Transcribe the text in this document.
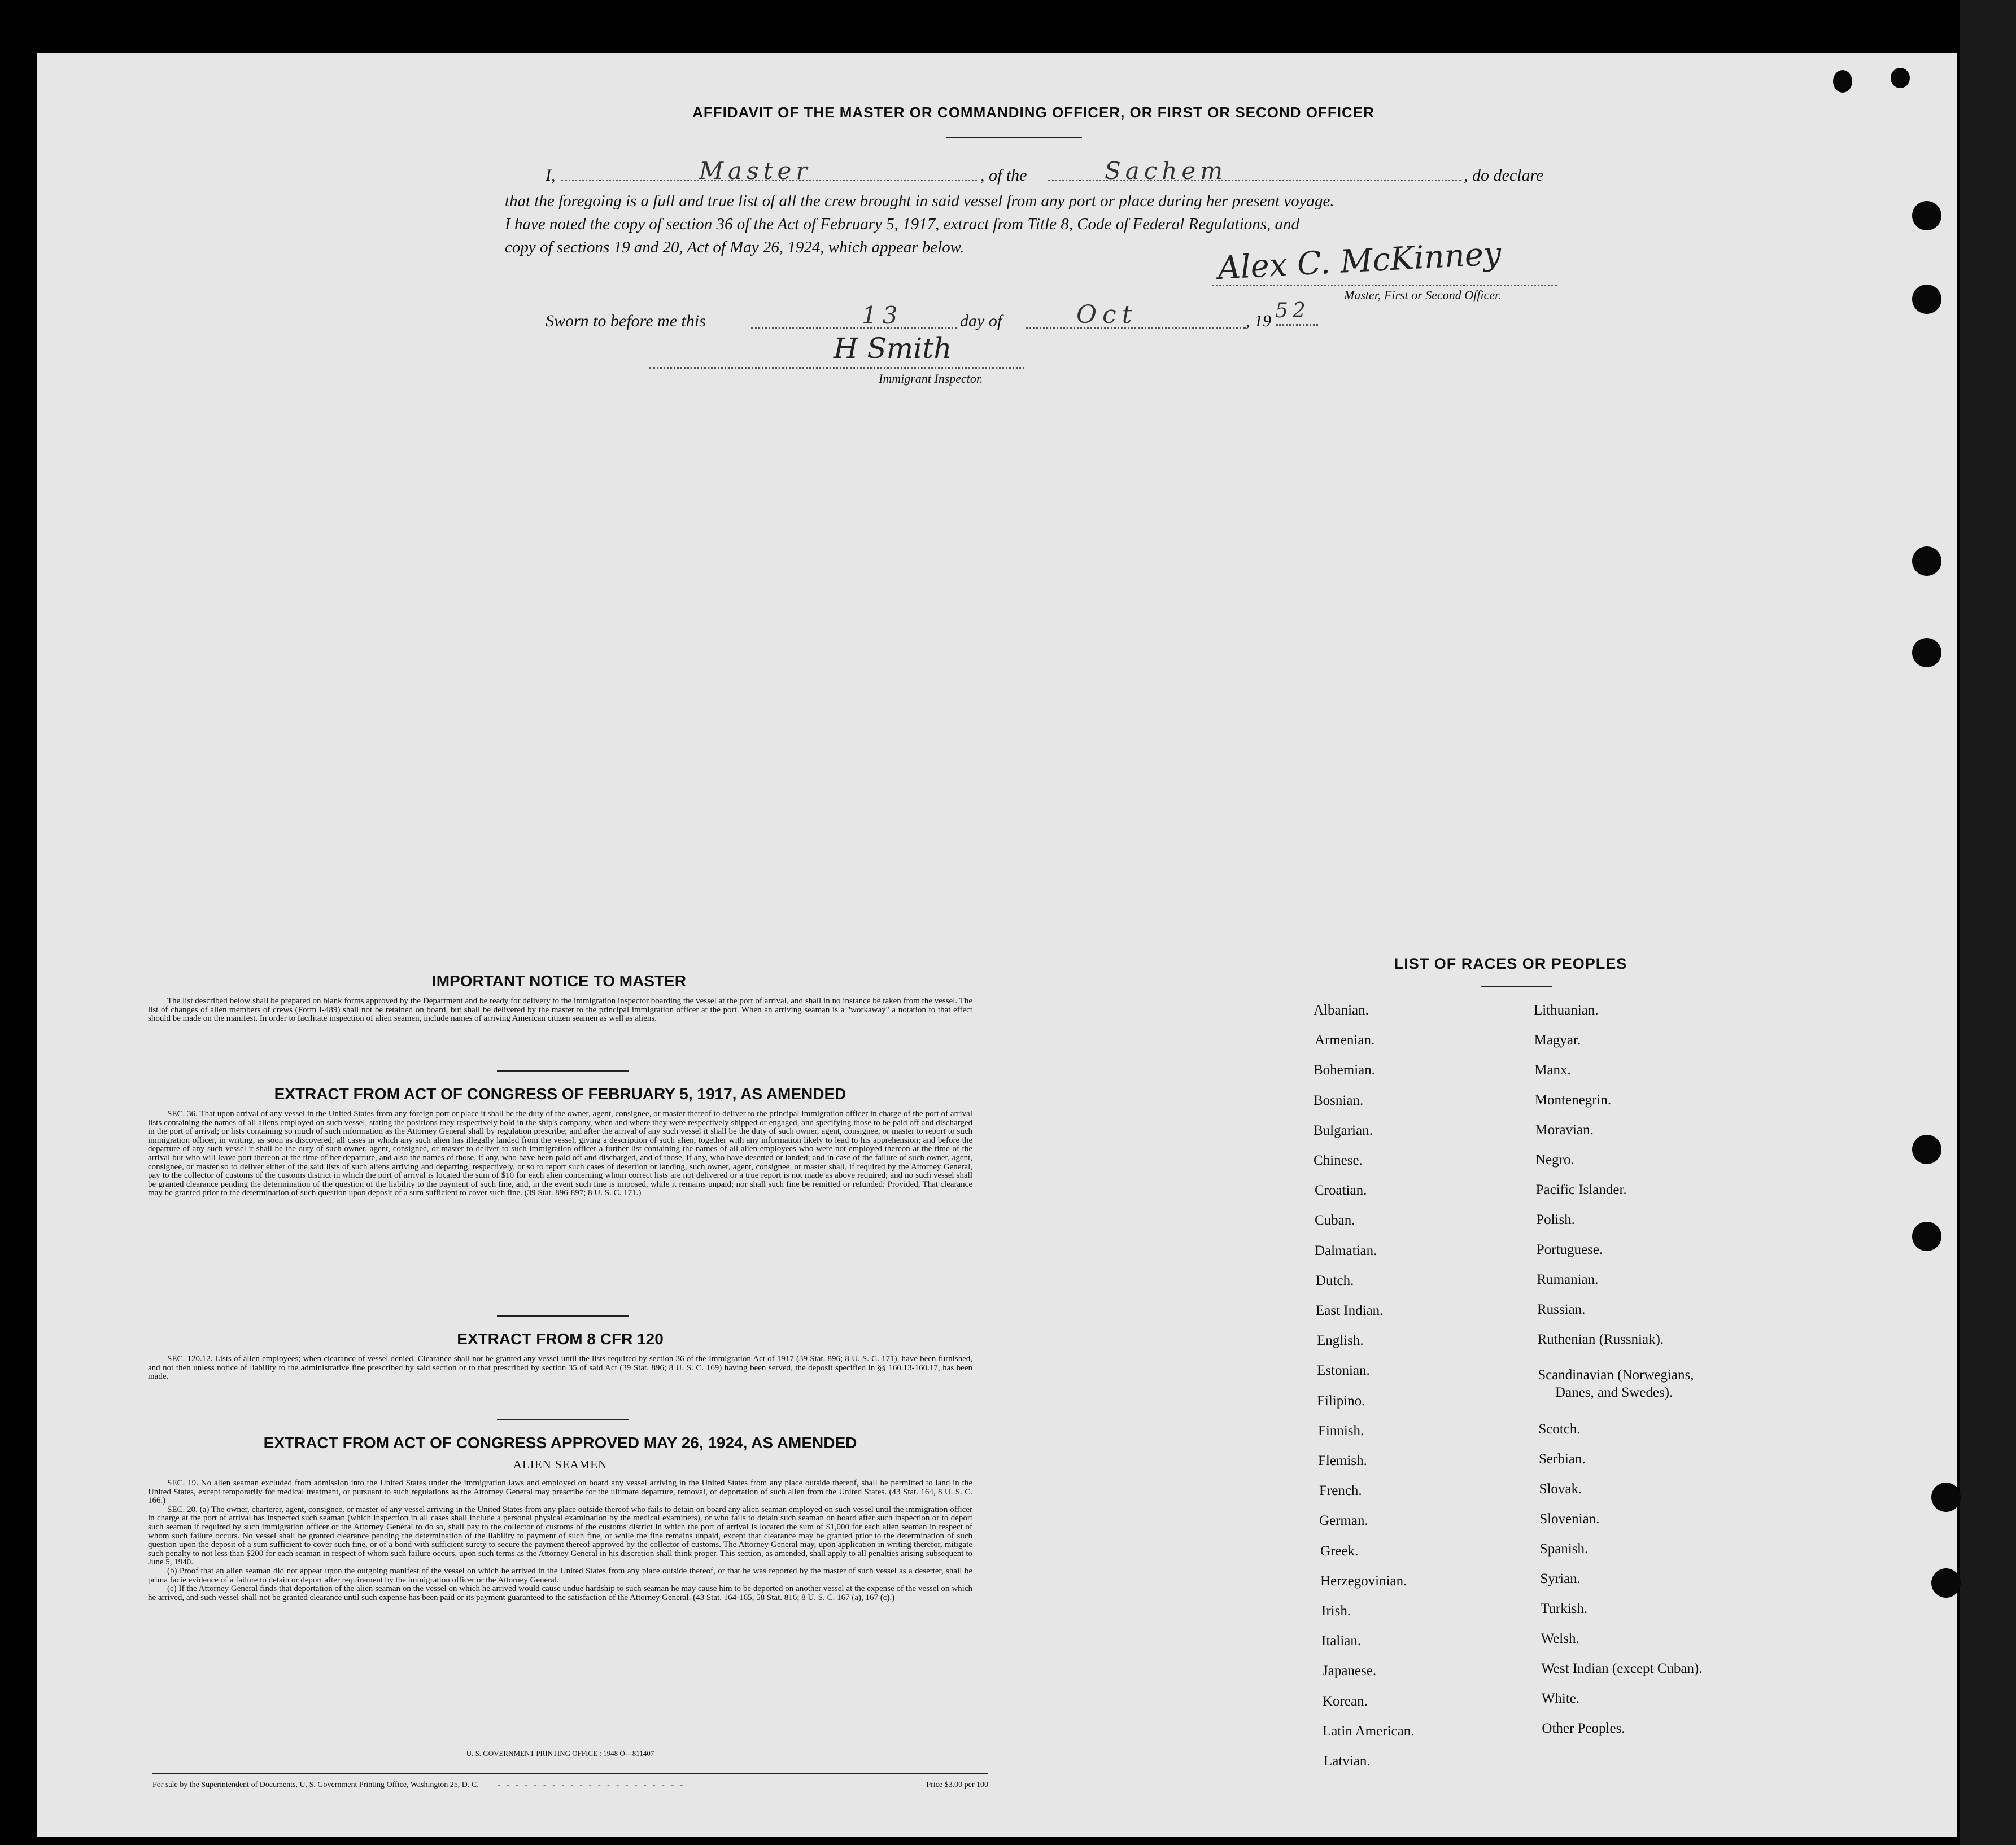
AFFIDAVIT OF THE MASTER OR COMMANDING OFFICER, OR FIRST OR SECOND OFFICER
I,	Master	, of the	Sachem	, do declare
that the foregoing is a full and true list of all the crew brought in said vessel from any port or place during her present voyage.
I have noted the copy of section 36 of the Act of February 5, 1917, extract from Title 8, Code of Federal Regulations, and
copy of sections 19 and 20, Act of May 26, 1924, which appear below.	Alex C. McKinney
Master, First or Second Officer.
Sworn to before me this	13	day of	Oct	, 19 52
H Smith
Immigrant Inspector.
IMPORTANT NOTICE TO MASTER
The list described below shall be prepared on blank forms approved by the Department and be ready for delivery to the immigration inspector boarding the vessel at the port of arrival, and shall in no instance be taken from the vessel. The list of changes of alien members of crews (Form I-489) shall not be retained on board, but shall be delivered by the master to the principal immigration officer at the port. When an arriving seaman is a "workaway" a notation to that effect should be made on the manifest. In order to facilitate inspection of alien seamen, include names of arriving American citizen seamen as well as aliens.
EXTRACT FROM ACT OF CONGRESS OF FEBRUARY 5, 1917, AS AMENDED
SEC. 36. That upon arrival of any vessel in the United States from any foreign port or place it shall be the duty of the owner, agent, consignee, or master thereof to deliver to the principal immigration officer in charge of the port of arrival lists containing the names of all aliens employed on such vessel, stating the positions they respectively hold in the ship's company, when and where they were respectively shipped or engaged, and specifying those to be paid off and discharged in the port of arrival; or lists containing so much of such information as the Attorney General shall by regulation prescribe; and after the arrival of any such vessel it shall be the duty of such owner, agent, consignee, or master to report to such immigration officer, in writing, as soon as discovered, all cases in which any such alien has illegally landed from the vessel, giving a description of such alien, together with any information likely to lead to his apprehension; and before the departure of any such vessel it shall be the duty of such owner, agent, consignee, or master to deliver to such immigration officer a further list containing the names of all alien employees who were not employed thereon at the time of the arrival but who will leave port thereon at the time of her departure, and also the names of those, if any, who have been paid off and discharged, and of those, if any, who have deserted or landed; and in case of the failure of such owner, agent, consignee, or master so to deliver either of the said lists of such aliens arriving and departing, respectively, or so to report such cases of desertion or landing, such owner, agent, consignee, or master shall, if required by the Attorney General, pay to the collector of customs of the customs district in which the port of arrival is located the sum of $10 for each alien concerning whom correct lists are not delivered or a true report is not made as above required; and no such vessel shall be granted clearance pending the determination of the question of the liability to the payment of such fine, and, in the event such fine is imposed, while it remains unpaid; nor shall such fine be remitted or refunded: Provided, That clearance may be granted prior to the determination of such question upon deposit of a sum sufficient to cover such fine. (39 Stat. 896-897; 8 U. S. C. 171.)
EXTRACT FROM 8 CFR 120
SEC. 120.12. Lists of alien employees; when clearance of vessel denied. Clearance shall not be granted any vessel until the lists required by section 36 of the Immigration Act of 1917 (39 Stat. 896; 8 U. S. C. 171), have been furnished, and not then unless notice of liability to the administrative fine prescribed by said section or to that prescribed by section 35 of said Act (39 Stat. 896; 8 U. S. C. 169) having been served, the deposit specified in §§ 160.13-160.17, has been made.
EXTRACT FROM ACT OF CONGRESS APPROVED MAY 26, 1924, AS AMENDED
ALIEN SEAMEN
SEC. 19. No alien seaman excluded from admission into the United States under the immigration laws and employed on board any vessel arriving in the United States from any place outside thereof, shall be permitted to land in the United States, except temporarily for medical treatment, or pursuant to such regulations as the Attorney General may prescribe for the ultimate departure, removal, or deportation of such alien from the United States. (43 Stat. 164, 8 U. S. C. 166.)
SEC. 20. (a) The owner, charterer, agent, consignee, or master of any vessel arriving in the United States from any place outside thereof who fails to detain on board any alien seaman employed on such vessel until the immigration officer in charge at the port of arrival has inspected such seaman (which inspection in all cases shall include a personal physical examination by the medical examiners), or who fails to detain such seaman on board after such inspection or to deport such seaman if required by such immigration officer or the Attorney General to do so, shall pay to the collector of customs of the customs district in which the port of arrival is located the sum of $1,000 for each alien seaman in respect of whom such failure occurs. No vessel shall be granted clearance pending the determination of the liability to payment of such fine, or while the fine remains unpaid, except that clearance may be granted prior to the determination of such question upon the deposit of a sum sufficient to cover such fine, or of a bond with sufficient surety to secure the payment thereof approved by the collector of customs. The Attorney General may, upon application in writing therefor, mitigate such penalty to not less than $200 for each seaman in respect of whom such failure occurs, upon such terms as the Attorney General in his discretion shall think proper. This section, as amended, shall apply to all penalties arising subsequent to June 5, 1940.
(b) Proof that an alien seaman did not appear upon the outgoing manifest of the vessel on which he arrived in the United States from any place outside thereof, or that he was reported by the master of such vessel as a deserter, shall be prima facie evidence of a failure to detain or deport after requirement by the immigration officer or the Attorney General.
(c) If the Attorney General finds that deportation of the alien seaman on the vessel on which he arrived would cause undue hardship to such seaman he may cause him to be deported on another vessel at the expense of the vessel on which he arrived, and such vessel shall not be granted clearance until such expense has been paid or its payment guaranteed to the satisfaction of the Attorney General. (43 Stat. 164-165, 58 Stat. 816; 8 U. S. C. 167 (a), 167 (c).)
U. S. GOVERNMENT PRINTING OFFICE : 1948 O—811407
For sale by the Superintendent of Documents, U. S. Government Printing Office, Washington 25, D. C. - - - - - - - - - - - - - - - - - - - - -	Price $3.00 per 100
LIST OF RACES OR PEOPLES
Albanian.
Armenian.
Bohemian.
Bosnian.
Bulgarian.
Chinese.
Croatian.
Cuban.
Dalmatian.
Dutch.
East Indian.
English.
Estonian.
Filipino.
Finnish.
Flemish.
French.
German.
Greek.
Herzegovinian.
Irish.
Italian.
Japanese.
Korean.
Latin American.
Latvian.
Lithuanian.
Magyar.
Manx.
Montenegrin.
Moravian.
Negro.
Pacific Islander.
Polish.
Portuguese.
Rumanian.
Russian.
Ruthenian (Russniak).
Scandinavian (Norwegians,
Danes, and Swedes).
Scotch.
Serbian.
Slovak.
Slovenian.
Spanish.
Syrian.
Turkish.
Welsh.
West Indian (except Cuban).
White.
Other Peoples.
